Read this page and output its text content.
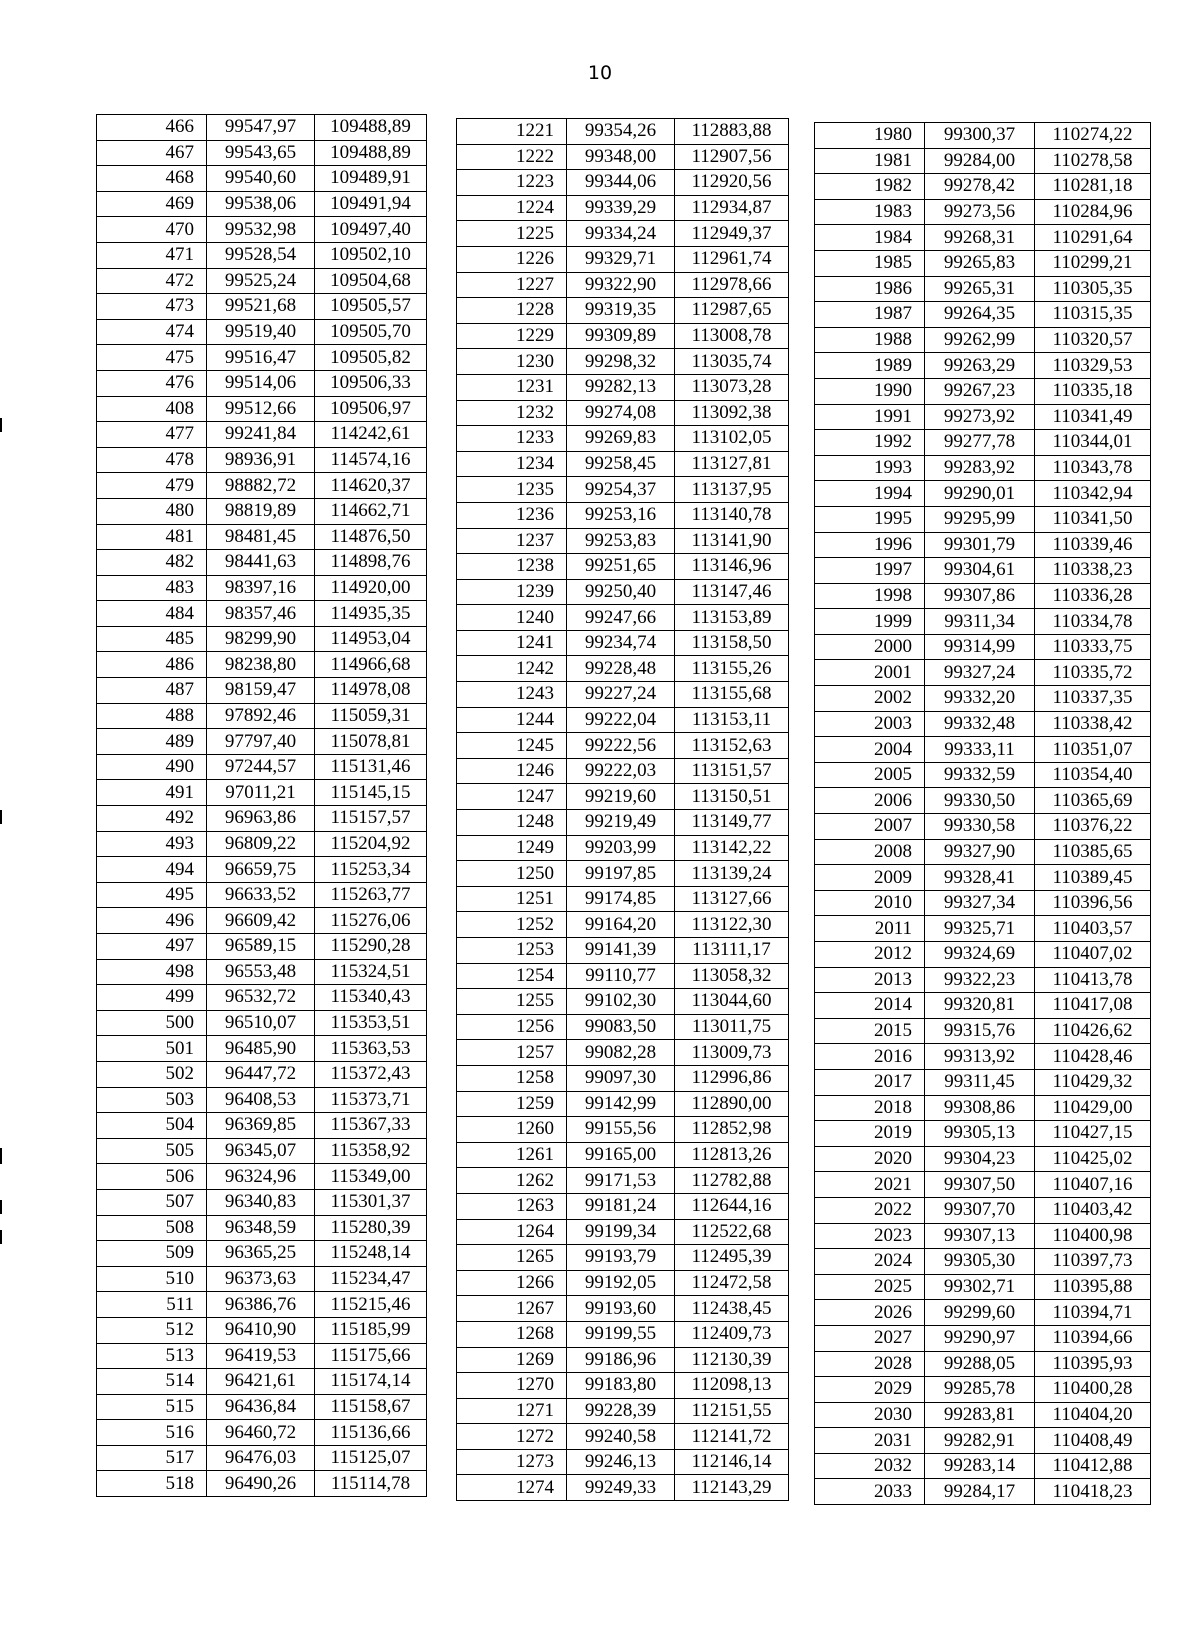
10
466	99547,97	109488,89
467	99543,65	109488,89
468	99540,60	109489,91
469	99538,06	109491,94
470	99532,98	109497,40
471	99528,54	109502,10
472	99525,24	109504,68
473	99521,68	109505,57
474	99519,40	109505,70
475	99516,47	109505,82
476	99514,06	109506,33
408	99512,66	109506,97
477	99241,84	114242,61
478	98936,91	114574,16
479	98882,72	114620,37
480	98819,89	114662,71
481	98481,45	114876,50
482	98441,63	114898,76
483	98397,16	114920,00
484	98357,46	114935,35
485	98299,90	114953,04
486	98238,80	114966,68
487	98159,47	114978,08
488	97892,46	115059,31
489	97797,40	115078,81
490	97244,57	115131,46
491	97011,21	115145,15
492	96963,86	115157,57
493	96809,22	115204,92
494	96659,75	115253,34
495	96633,52	115263,77
496	96609,42	115276,06
497	96589,15	115290,28
498	96553,48	115324,51
499	96532,72	115340,43
500	96510,07	115353,51
501	96485,90	115363,53
502	96447,72	115372,43
503	96408,53	115373,71
504	96369,85	115367,33
505	96345,07	115358,92
506	96324,96	115349,00
507	96340,83	115301,37
508	96348,59	115280,39
509	96365,25	115248,14
510	96373,63	115234,47
511	96386,76	115215,46
512	96410,90	115185,99
513	96419,53	115175,66
514	96421,61	115174,14
515	96436,84	115158,67
516	96460,72	115136,66
517	96476,03	115125,07
518	96490,26	115114,78
1221	99354,26	112883,88
1222	99348,00	112907,56
1223	99344,06	112920,56
1224	99339,29	112934,87
1225	99334,24	112949,37
1226	99329,71	112961,74
1227	99322,90	112978,66
1228	99319,35	112987,65
1229	99309,89	113008,78
1230	99298,32	113035,74
1231	99282,13	113073,28
1232	99274,08	113092,38
1233	99269,83	113102,05
1234	99258,45	113127,81
1235	99254,37	113137,95
1236	99253,16	113140,78
1237	99253,83	113141,90
1238	99251,65	113146,96
1239	99250,40	113147,46
1240	99247,66	113153,89
1241	99234,74	113158,50
1242	99228,48	113155,26
1243	99227,24	113155,68
1244	99222,04	113153,11
1245	99222,56	113152,63
1246	99222,03	113151,57
1247	99219,60	113150,51
1248	99219,49	113149,77
1249	99203,99	113142,22
1250	99197,85	113139,24
1251	99174,85	113127,66
1252	99164,20	113122,30
1253	99141,39	113111,17
1254	99110,77	113058,32
1255	99102,30	113044,60
1256	99083,50	113011,75
1257	99082,28	113009,73
1258	99097,30	112996,86
1259	99142,99	112890,00
1260	99155,56	112852,98
1261	99165,00	112813,26
1262	99171,53	112782,88
1263	99181,24	112644,16
1264	99199,34	112522,68
1265	99193,79	112495,39
1266	99192,05	112472,58
1267	99193,60	112438,45
1268	99199,55	112409,73
1269	99186,96	112130,39
1270	99183,80	112098,13
1271	99228,39	112151,55
1272	99240,58	112141,72
1273	99246,13	112146,14
1274	99249,33	112143,29
1980	99300,37	110274,22
1981	99284,00	110278,58
1982	99278,42	110281,18
1983	99273,56	110284,96
1984	99268,31	110291,64
1985	99265,83	110299,21
1986	99265,31	110305,35
1987	99264,35	110315,35
1988	99262,99	110320,57
1989	99263,29	110329,53
1990	99267,23	110335,18
1991	99273,92	110341,49
1992	99277,78	110344,01
1993	99283,92	110343,78
1994	99290,01	110342,94
1995	99295,99	110341,50
1996	99301,79	110339,46
1997	99304,61	110338,23
1998	99307,86	110336,28
1999	99311,34	110334,78
2000	99314,99	110333,75
2001	99327,24	110335,72
2002	99332,20	110337,35
2003	99332,48	110338,42
2004	99333,11	110351,07
2005	99332,59	110354,40
2006	99330,50	110365,69
2007	99330,58	110376,22
2008	99327,90	110385,65
2009	99328,41	110389,45
2010	99327,34	110396,56
2011	99325,71	110403,57
2012	99324,69	110407,02
2013	99322,23	110413,78
2014	99320,81	110417,08
2015	99315,76	110426,62
2016	99313,92	110428,46
2017	99311,45	110429,32
2018	99308,86	110429,00
2019	99305,13	110427,15
2020	99304,23	110425,02
2021	99307,50	110407,16
2022	99307,70	110403,42
2023	99307,13	110400,98
2024	99305,30	110397,73
2025	99302,71	110395,88
2026	99299,60	110394,71
2027	99290,97	110394,66
2028	99288,05	110395,93
2029	99285,78	110400,28
2030	99283,81	110404,20
2031	99282,91	110408,49
2032	99283,14	110412,88
2033	99284,17	110418,23
